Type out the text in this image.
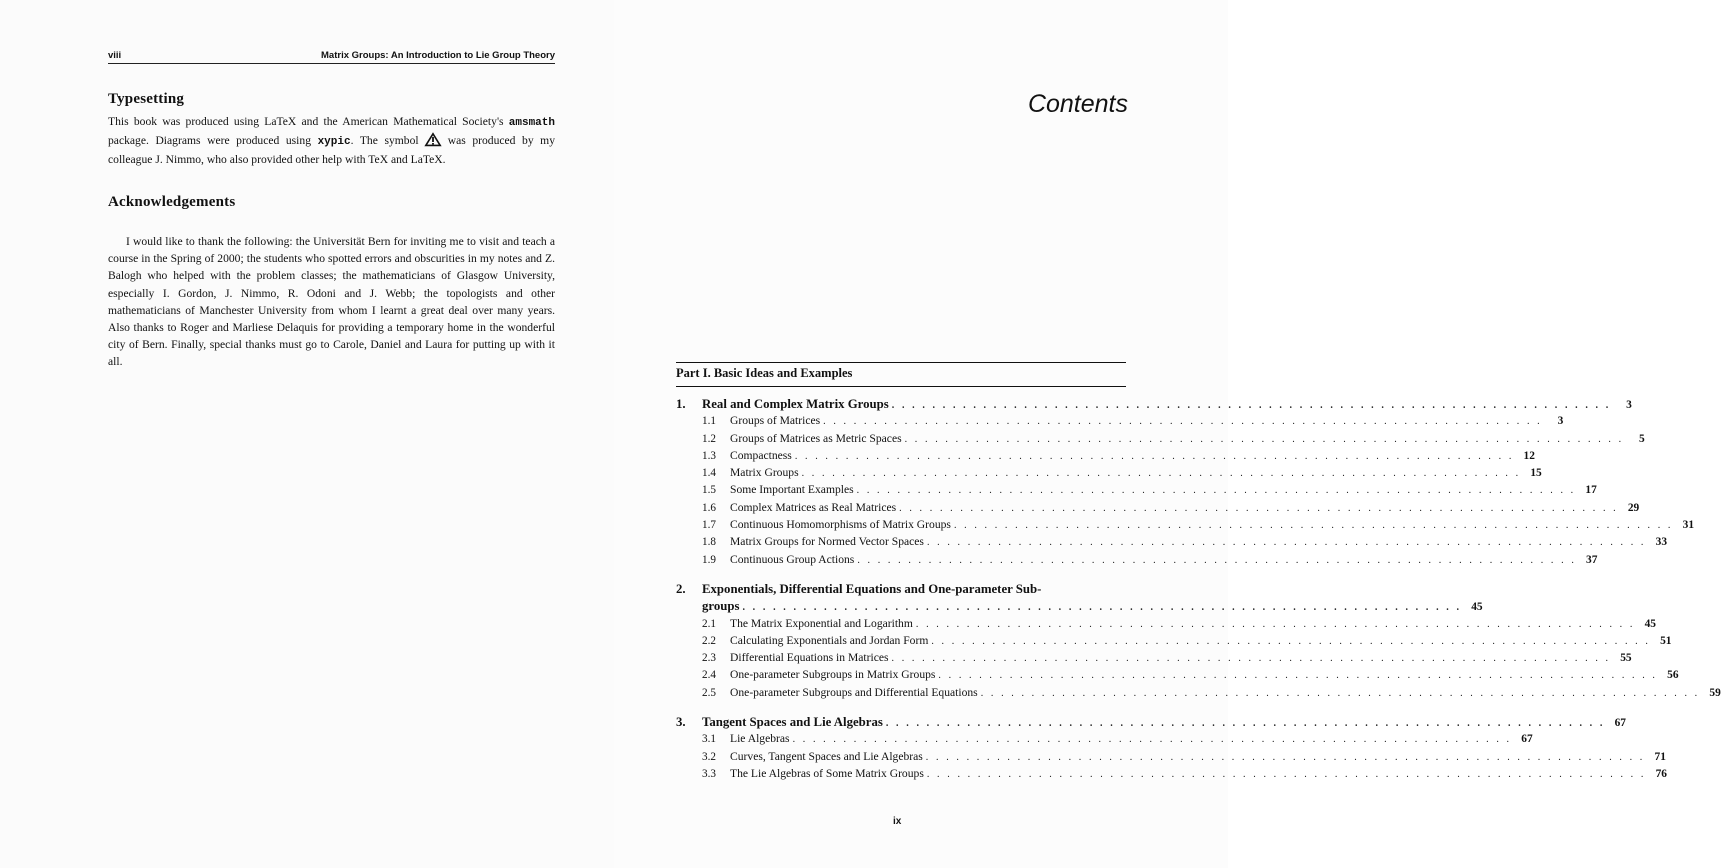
viii	Matrix Groups: An Introduction to Lie Group Theory
Typesetting
This book was produced using LaTeX and the American Mathematical Society's amsmath package. Diagrams were produced using xypic. The symbol  was produced by my colleague J. Nimmo, who also provided other help with TeX and LaTeX.
Acknowledgements
I would like to thank the following: the Universität Bern for inviting me to visit and teach a course in the Spring of 2000; the students who spotted errors and obscurities in my notes and Z. Balogh who helped with the problem classes; the mathematicians of Glasgow University, especially I. Gordon, J. Nimmo, R. Odoni and J. Webb; the topologists and other mathematicians of Manchester University from whom I learnt a great deal over many years. Also thanks to Roger and Marliese Delaquis for providing a temporary home in the wonderful city of Bern. Finally, special thanks must go to Carole, Daniel and Laura for putting up with it all.
Contents
Part I. Basic Ideas and Examples
1.	Real and Complex Matrix Groups . . . . . . . . . . . . . . . . . . . . . . . . . . . . . . . . . . . . . . . . . . . . . . . . . . . . . . . . . . . . . . . . . . . . . . .	3
1.1	Groups of Matrices . . . . . . . . . . . . . . . . . . . . . . . . . . . . . . . . . . . . . . . . . . . . . . . . . . . . . . . . . . . . . . . . . . . . . . .	3
1.2	Groups of Matrices as Metric Spaces . . . . . . . . . . . . . . . . . . . . . . . . . . . . . . . . . . . . . . . . . . . . . . . . . . . . . . . . . . . . . . . . . . . . . . .	5
1.3	Compactness . . . . . . . . . . . . . . . . . . . . . . . . . . . . . . . . . . . . . . . . . . . . . . . . . . . . . . . . . . . . . . . . . . . . . . . 12
1.4	Matrix Groups . . . . . . . . . . . . . . . . . . . . . . . . . . . . . . . . . . . . . . . . . . . . . . . . . . . . . . . . . . . . . . . . . . . . . . . 15
1.5	Some Important Examples . . . . . . . . . . . . . . . . . . . . . . . . . . . . . . . . . . . . . . . . . . . . . . . . . . . . . . . . . . . . . . . . . . . . . . . 17
1.6	Complex Matrices as Real Matrices . . . . . . . . . . . . . . . . . . . . . . . . . . . . . . . . . . . . . . . . . . . . . . . . . . . . . . . . . . . . . . . . . . . . . . . 29
1.7	Continuous Homomorphisms of Matrix Groups . . . . . . . . . . . . . . . . . . . . . . . . . . . . . . . . . . . . . . . . . . . . . . . . . . . . . . . . . . . . . . . . . . . . . . . 31
1.8	Matrix Groups for Normed Vector Spaces . . . . . . . . . . . . . . . . . . . . . . . . . . . . . . . . . . . . . . . . . . . . . . . . . . . . . . . . . . . . . . . . . . . . . . . 33
1.9	Continuous Group Actions . . . . . . . . . . . . . . . . . . . . . . . . . . . . . . . . . . . . . . . . . . . . . . . . . . . . . . . . . . . . . . . . . . . . . . . 37
2.	Exponentials, Differential Equations and One-parameter Sub-
groups . . . . . . . . . . . . . . . . . . . . . . . . . . . . . . . . . . . . . . . . . . . . . . . . . . . . . . . . . . . . . . . . . . . . . . . 45
2.1	The Matrix Exponential and Logarithm . . . . . . . . . . . . . . . . . . . . . . . . . . . . . . . . . . . . . . . . . . . . . . . . . . . . . . . . . . . . . . . . . . . . . . . 45
2.2	Calculating Exponentials and Jordan Form . . . . . . . . . . . . . . . . . . . . . . . . . . . . . . . . . . . . . . . . . . . . . . . . . . . . . . . . . . . . . . . . . . . . . . . 51
2.3	Differential Equations in Matrices . . . . . . . . . . . . . . . . . . . . . . . . . . . . . . . . . . . . . . . . . . . . . . . . . . . . . . . . . . . . . . . . . . . . . . . 55
2.4	One-parameter Subgroups in Matrix Groups . . . . . . . . . . . . . . . . . . . . . . . . . . . . . . . . . . . . . . . . . . . . . . . . . . . . . . . . . . . . . . . . . . . . . . . 56
2.5	One-parameter Subgroups and Differential Equations . . . . . . . . . . . . . . . . . . . . . . . . . . . . . . . . . . . . . . . . . . . . . . . . . . . . . . . . . . . . . . . . . . . . . . . 59
3.	Tangent Spaces and Lie Algebras . . . . . . . . . . . . . . . . . . . . . . . . . . . . . . . . . . . . . . . . . . . . . . . . . . . . . . . . . . . . . . . . . . . . . . . 67
3.1	Lie Algebras . . . . . . . . . . . . . . . . . . . . . . . . . . . . . . . . . . . . . . . . . . . . . . . . . . . . . . . . . . . . . . . . . . . . . . . 67
3.2	Curves, Tangent Spaces and Lie Algebras . . . . . . . . . . . . . . . . . . . . . . . . . . . . . . . . . . . . . . . . . . . . . . . . . . . . . . . . . . . . . . . . . . . . . . . 71
3.3	The Lie Algebras of Some Matrix Groups . . . . . . . . . . . . . . . . . . . . . . . . . . . . . . . . . . . . . . . . . . . . . . . . . . . . . . . . . . . . . . . . . . . . . . . 76
ix
